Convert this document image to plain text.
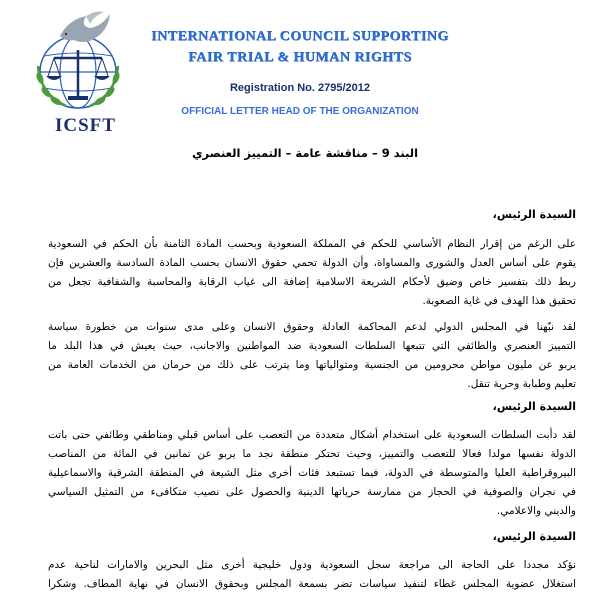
ICSFT
INTERNATIONAL COUNCIL SUPPORTING
FAIR TRIAL & HUMAN RIGHTS
Registration No. 2795/2012
OFFICIAL LETTER HEAD OF THE ORGANIZATION
البند 9 – مناقشة عامة – التمييز العنصري
السيدة الرئيس،
على الرغم من إقرار النظام الأساسي للحكم في المملكة السعودية وبحسب المادة الثامنة بأن الحكم في السعودية
يقوم على أساس العدل والشورى والمساواة، وأن الدولة تحمي حقوق الانسان بحسب المادة السادسة والعشرين فإن
ربط ذلك بتفسير خاص وضيق لأحكام الشريعة الاسلامية إضافة الى غياب الرقابة والمحاسبة والشفافية تجعل من
تحقيق هذا الهدف في غاية الصعوبة.
لقد نبّهنا في المجلس الدولي لدعم المحاكمة العادلة وحقوق الانسان وعلى مدى سنوات من خطورة سياسة
التمييز العنصري والطائفي التي تتبعها السلطات السعودية ضد المواطنين والاجانب، حيث يعيش في هذا البلد ما
يربو عن مليون مواطن محرومين من الجنسية ومتوالياتها وما يترتب على ذلك من حرمان من الخدمات العامة من
تعليم وطبابة وحرية تنقل.
السيدة الرئيس،
لقد دأبت السلطات السعودية على استخدام أشكال متعددة من التعصب على أساس قبلي ومناطقي وطائفي حتى باتت
الدولة نفسها مولدا فعالا للتعصب والتمييز، وحيث تحتكر منطقة نجد ما يربو عن ثمانين في المائة من المناصب
البيروقراطية العليا والمتوسطة في الدولة، فيما تستبعد فئات أخرى مثل الشيعة في المنطقة الشرقية والاسماعيلية
في نجران والصوفية في الحجاز من ممارسة حرياتها الدينية والحصول على نصيب متكافىء من التمثيل السياسي
والديني والاعلامي.
السيدة الرئيس،
نؤكد مجددا على الحاجة الى مراجعة سجل السعودية ودول خليجية أخرى مثل البحرين والامارات لناحية عدم
استغلال عضوية المجلس غطاء لتنفيذ سياسات تضر بسمعة المجلس وبحقوق الانسان في نهاية المطاف. وشكرا
